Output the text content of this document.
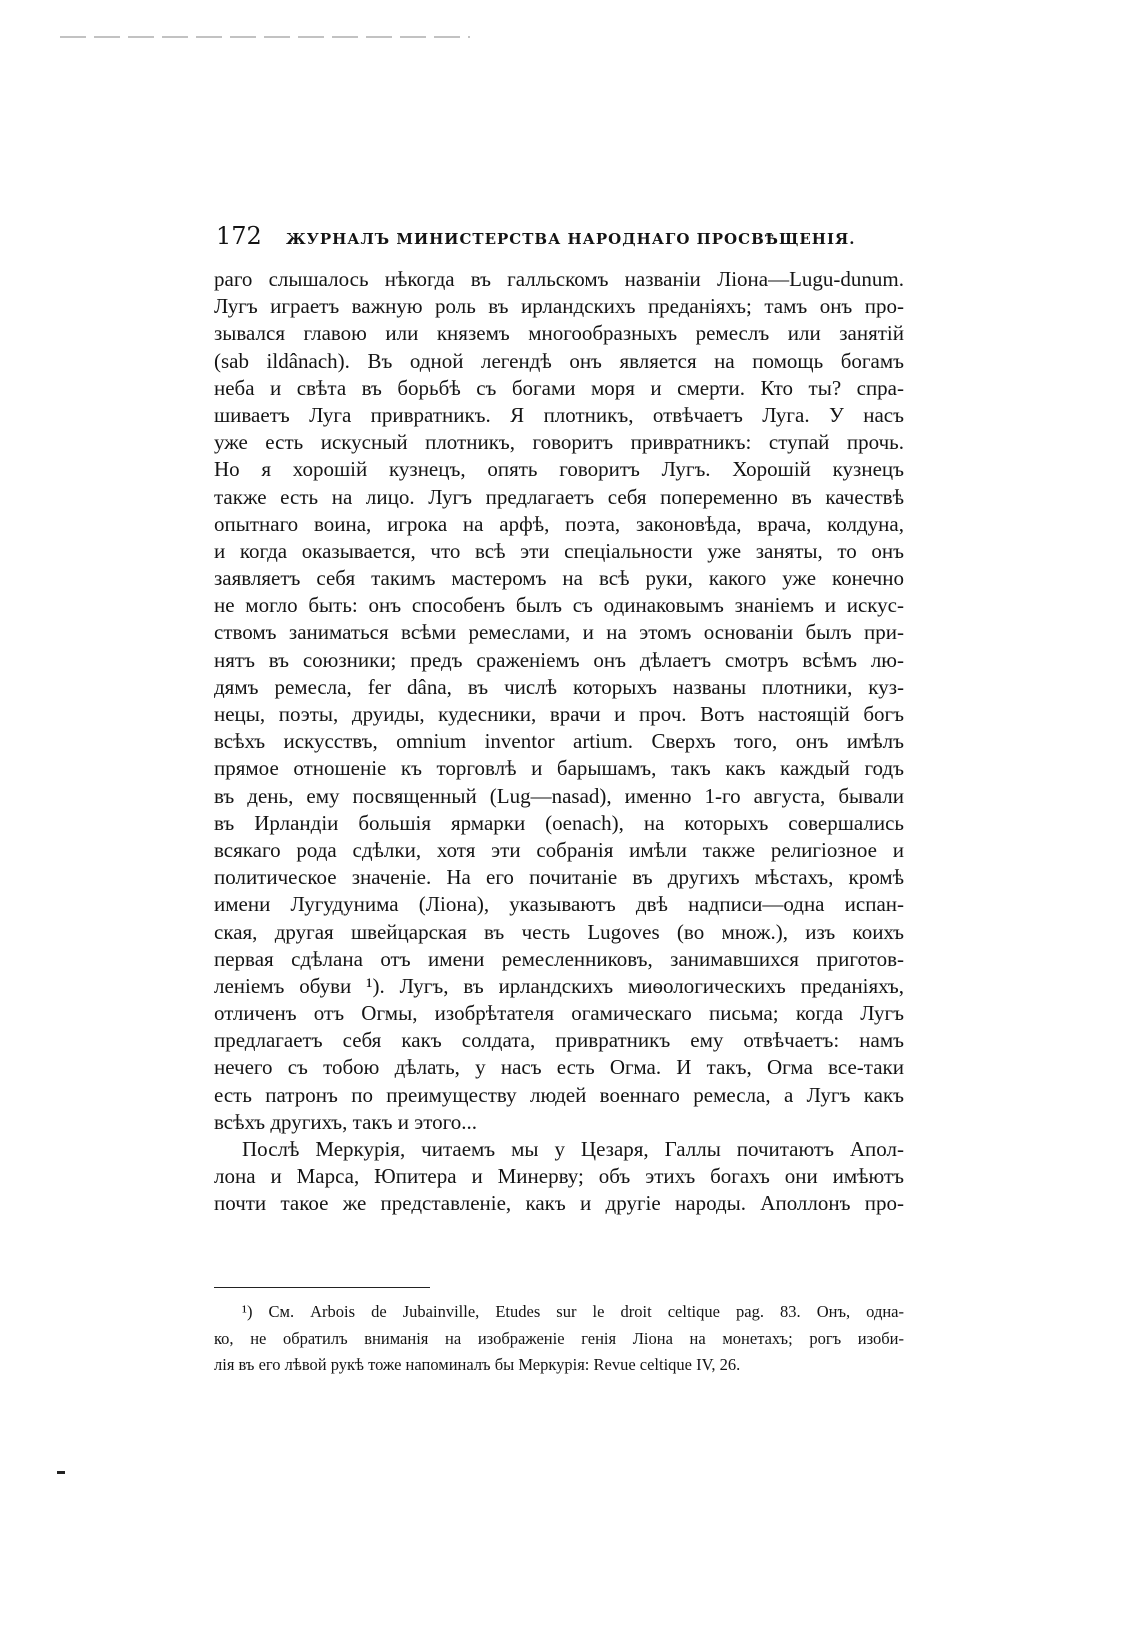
172	ЖУРНАЛЪ МИНИСТЕРСТВА НАРОДНАГО ПРОСВѢЩЕНІЯ.
раго слышалось нѣкогда въ галльскомъ названіи Ліона—Lugu-dunum.
Лугъ играетъ важную роль въ ирландскихъ преданіяхъ; тамъ онъ про-
зывался главою или княземъ многообразныхъ ремеслъ или занятій
(sab ildânach). Въ одной легендѣ онъ является на помощь богамъ
неба и свѣта въ борьбѣ съ богами моря и смерти. Кто ты? спра-
шиваетъ Луга привратникъ. Я плотникъ, отвѣчаетъ Луга. У насъ
уже есть искусный плотникъ, говоритъ привратникъ: ступай прочь.
Но я хорошій кузнецъ, опять говоритъ Лугъ. Хорошій кузнецъ
также есть на лицо. Лугъ предлагаетъ себя попеременно въ качествѣ
опытнаго воина, игрока на арфѣ, поэта, законовѣда, врача, колдуна,
и когда оказывается, что всѣ эти спеціальности уже заняты, то онъ
заявляетъ себя такимъ мастеромъ на всѣ руки, какого уже конечно
не могло быть: онъ способенъ былъ съ одинаковымъ знаніемъ и искус-
ствомъ заниматься всѣми ремеслами, и на этомъ основаніи былъ при-
нятъ въ союзники; предъ сраженіемъ онъ дѣлаетъ смотръ всѣмъ лю-
дямъ ремесла, fer dâna, въ числѣ которыхъ названы плотники, куз-
нецы, поэты, друиды, кудесники, врачи и проч. Вотъ настоящій богъ
всѣхъ искусствъ, omnium inventor artium. Сверхъ того, онъ имѣлъ
прямое отношеніе къ торговлѣ и барышамъ, такъ какъ каждый годъ
въ день, ему посвященный (Lug—nasad), именно 1-го августа, бывали
въ Ирландіи большія ярмарки (oenach), на которыхъ совершались
всякаго рода сдѣлки, хотя эти собранія имѣли также религіозное и
политическое значеніе. На его почитаніе въ другихъ мѣстахъ, кромѣ
имени Лугудунима (Ліона), указываютъ двѣ надписи—одна испан-
ская, другая швейцарская въ честь Lugoves (во множ.), изъ коихъ
первая сдѣлана отъ имени ремесленниковъ, занимавшихся приготов-
леніемъ обуви ¹). Лугъ, въ ирландскихъ миѳологическихъ преданіяхъ,
отличенъ отъ Огмы, изобрѣтателя огамическаго письма; когда Лугъ
предлагаетъ себя какъ солдата, привратникъ ему отвѣчаетъ: намъ
нечего съ тобою дѣлать, у насъ есть Огма. И такъ, Огма все-таки
есть патронъ по преимуществу людей военнаго ремесла, а Лугъ какъ
всѣхъ другихъ, такъ и этого...
Послѣ Меркурія, читаемъ мы у Цезаря, Галлы почитаютъ Апол-
лона и Марса, Юпитера и Минерву; объ этихъ богахъ они имѣютъ
почти такое же представленіе, какъ и другіе народы. Аполлонъ про-
¹) См. Arbois de Jubainville, Etudes sur le droit celtique pag. 83. Онъ, одна-
ко, не обратилъ вниманія на изображеніе генія Ліона на монетахъ; рогъ изоби-
лія въ его лѣвой рукѣ тоже напоминалъ бы Меркурія: Revue celtique IV, 26.
